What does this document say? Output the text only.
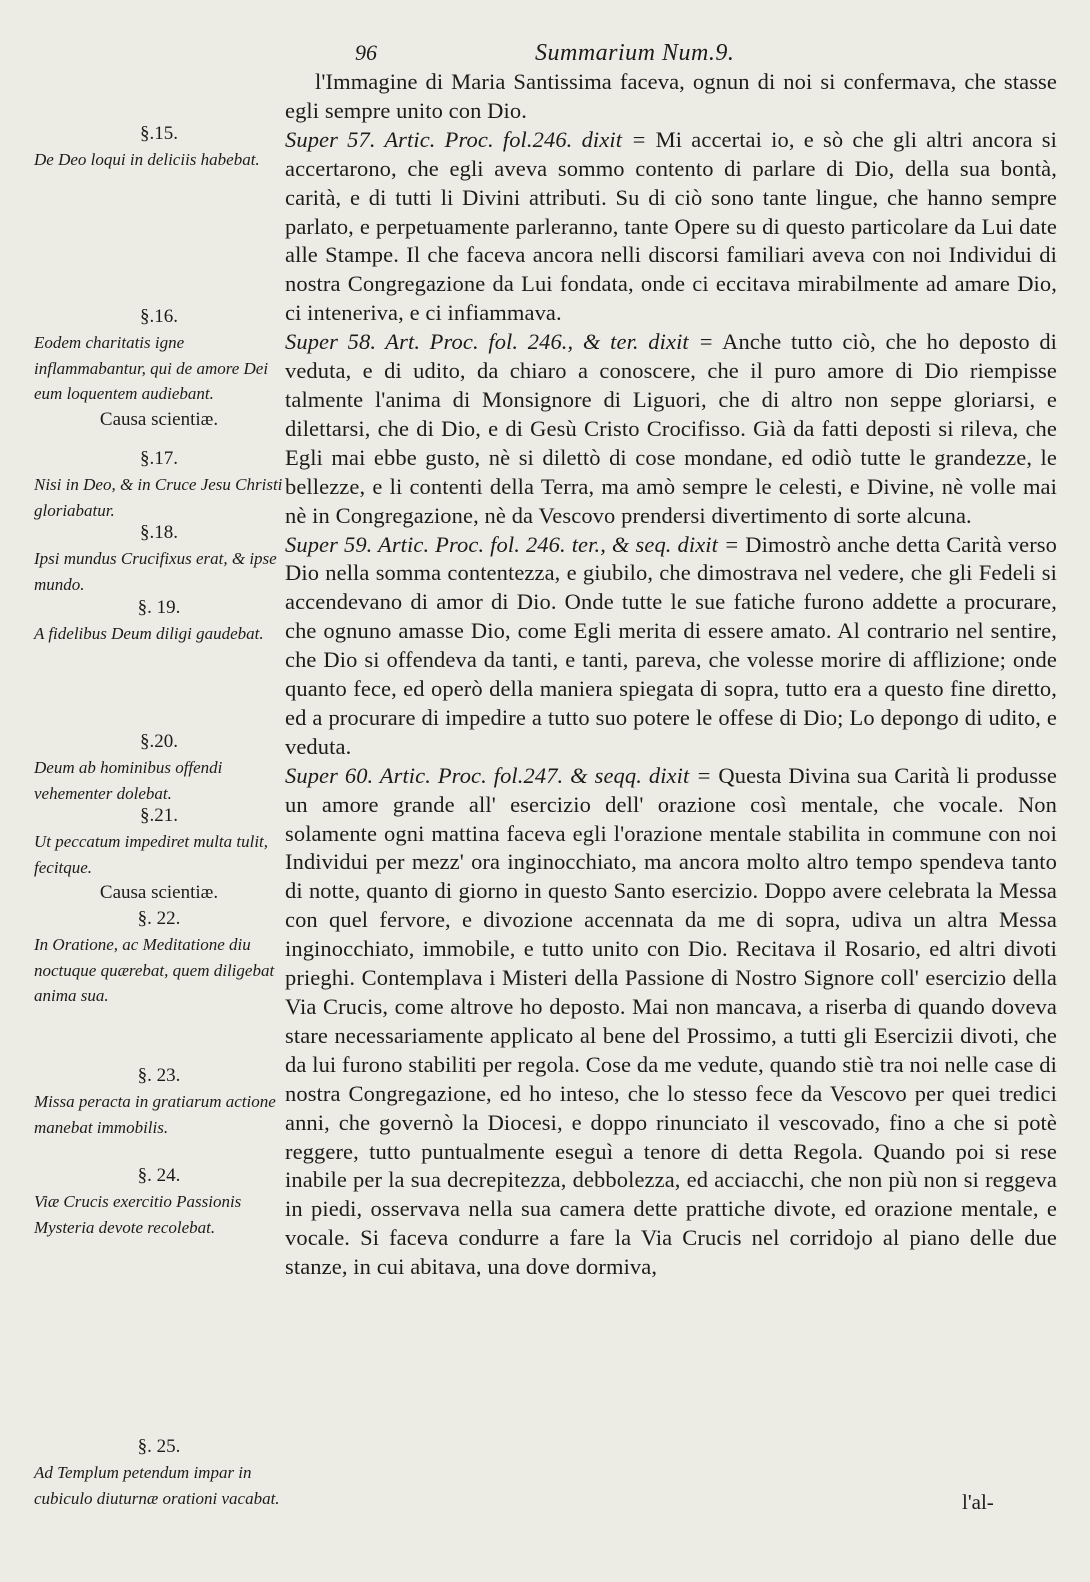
96	Summarium Num.9.
§.15.
De Deo loqui in deliciis habebat.
§.16.
Eodem charitatis igne inflammabantur, qui de amore Dei eum loquentem audiebant.
Causa scientiæ.
§.17.
Nisi in Deo, & in Cruce Jesu Christi gloriabatur.
§.18.
Ipsi mundus Crucifixus erat, & ipse mundo.
§. 19.
A fidelibus Deum diligi gaudebat.
§.20.
Deum ab hominibus offendi vehementer dolebat.
§.21.
Ut peccatum impediret multa tulit, fecitque.
Causa scientiæ.
§. 22.
In Oratione, ac Meditatione diu noctuque quærebat, quem diligebat anima sua.
§. 23.
Missa peracta in gratiarum actione manebat immobilis.
§. 24.
Viæ Crucis exercitio Passionis Mysteria devote recolebat.
§. 25.
Ad Templum petendum impar in cubiculo diuturnæ orationi vacabat.

l'Immagine di Maria Santissima faceva, ognun di noi si confermava, che stasse egli sempre unito con Dio.

Super 57. Artic. Proc. fol.246. dixit = Mi accertai io, e sò che gli altri ancora si accertarono, che egli aveva sommo contento di parlare di Dio, della sua bontà, carità, e di tutti li Divini attributi. Su di ciò sono tante lingue, che hanno sempre parlato, e perpetuamente parleranno, tante Opere su di questo particolare da Lui date alle Stampe. Il che faceva ancora nelli discorsi familiari aveva con noi Individui di nostra Congregazione da Lui fondata, onde ci eccitava mirabilmente ad amare Dio, ci inteneriva, e ci infiammava.

Super 58. Art. Proc. fol. 246., & ter. dixit = Anche tutto ciò, che ho deposto di veduta, e di udito, da chiaro a conoscere, che il puro amore di Dio riempisse talmente l'anima di Monsignore di Liguori, che di altro non seppe gloriarsi, e dilettarsi, che di Dio, e di Gesù Cristo Crocifisso. Già da fatti deposti si rileva, che Egli mai ebbe gusto, nè si dilettò di cose mondane, ed odiò tutte le grandezze, le bellezze, e li contenti della Terra, ma amò sempre le celesti, e Divine, nè volle mai nè in Congregazione, nè da Vescovo prendersi divertimento di sorte alcuna.

Super 59. Artic. Proc. fol. 246. ter., & seq. dixit = Dimostrò anche detta Carità verso Dio nella somma contentezza, e giubilo, che dimostrava nel vedere, che gli Fedeli si accendevano di amor di Dio. Onde tutte le sue fatiche furono addette a procurare, che ognuno amasse Dio, come Egli merita di essere amato. Al contrario nel sentire, che Dio si offendeva da tanti, e tanti, pareva, che volesse morire di afflizione; onde quanto fece, ed operò della maniera spiegata di sopra, tutto era a questo fine diretto, ed a procurare di impedire a tutto suo potere le offese di Dio; Lo depongo di udito, e veduta.

Super 60. Artic. Proc. fol.247. & seqq. dixit = Questa Divina sua Carità li produsse un amore grande all' esercizio dell' orazione così mentale, che vocale. Non solamente ogni mattina faceva egli l'orazione mentale stabilita in commune con noi Individui per mezz' ora inginocchiato, ma ancora molto altro tempo spendeva tanto di notte, quanto di giorno in questo Santo esercizio. Doppo avere celebrata la Messa con quel fervore, e divozione accennata da me di sopra, udiva un altra Messa inginocchiato, immobile, e tutto unito con Dio. Recitava il Rosario, ed altri divoti prieghi. Contemplava i Misteri della Passione di Nostro Signore coll' esercizio della Via Crucis, come altrove ho deposto. Mai non mancava, a riserba di quando doveva stare necessariamente applicato al bene del Prossimo, a tutti gli Esercizii divoti, che da lui furono stabiliti per regola. Cose da me vedute, quando stiè tra noi nelle case di nostra Congregazione, ed ho inteso, che lo stesso fece da Vescovo per quei tredici anni, che governò la Diocesi, e doppo rinunciato il vescovado, fino a che si potè reggere, tutto puntualmente eseguì a tenore di detta Regola. Quando poi si rese inabile per la sua decrepitezza, debbolezza, ed acciacchi, che non più non si reggeva in piedi, osservava nella sua camera dette prattiche divote, ed orazione mentale, e vocale. Si faceva condurre a fare la Via Crucis nel corridojo al piano delle due stanze, in cui abitava, una dove dormiva,

l'al-
